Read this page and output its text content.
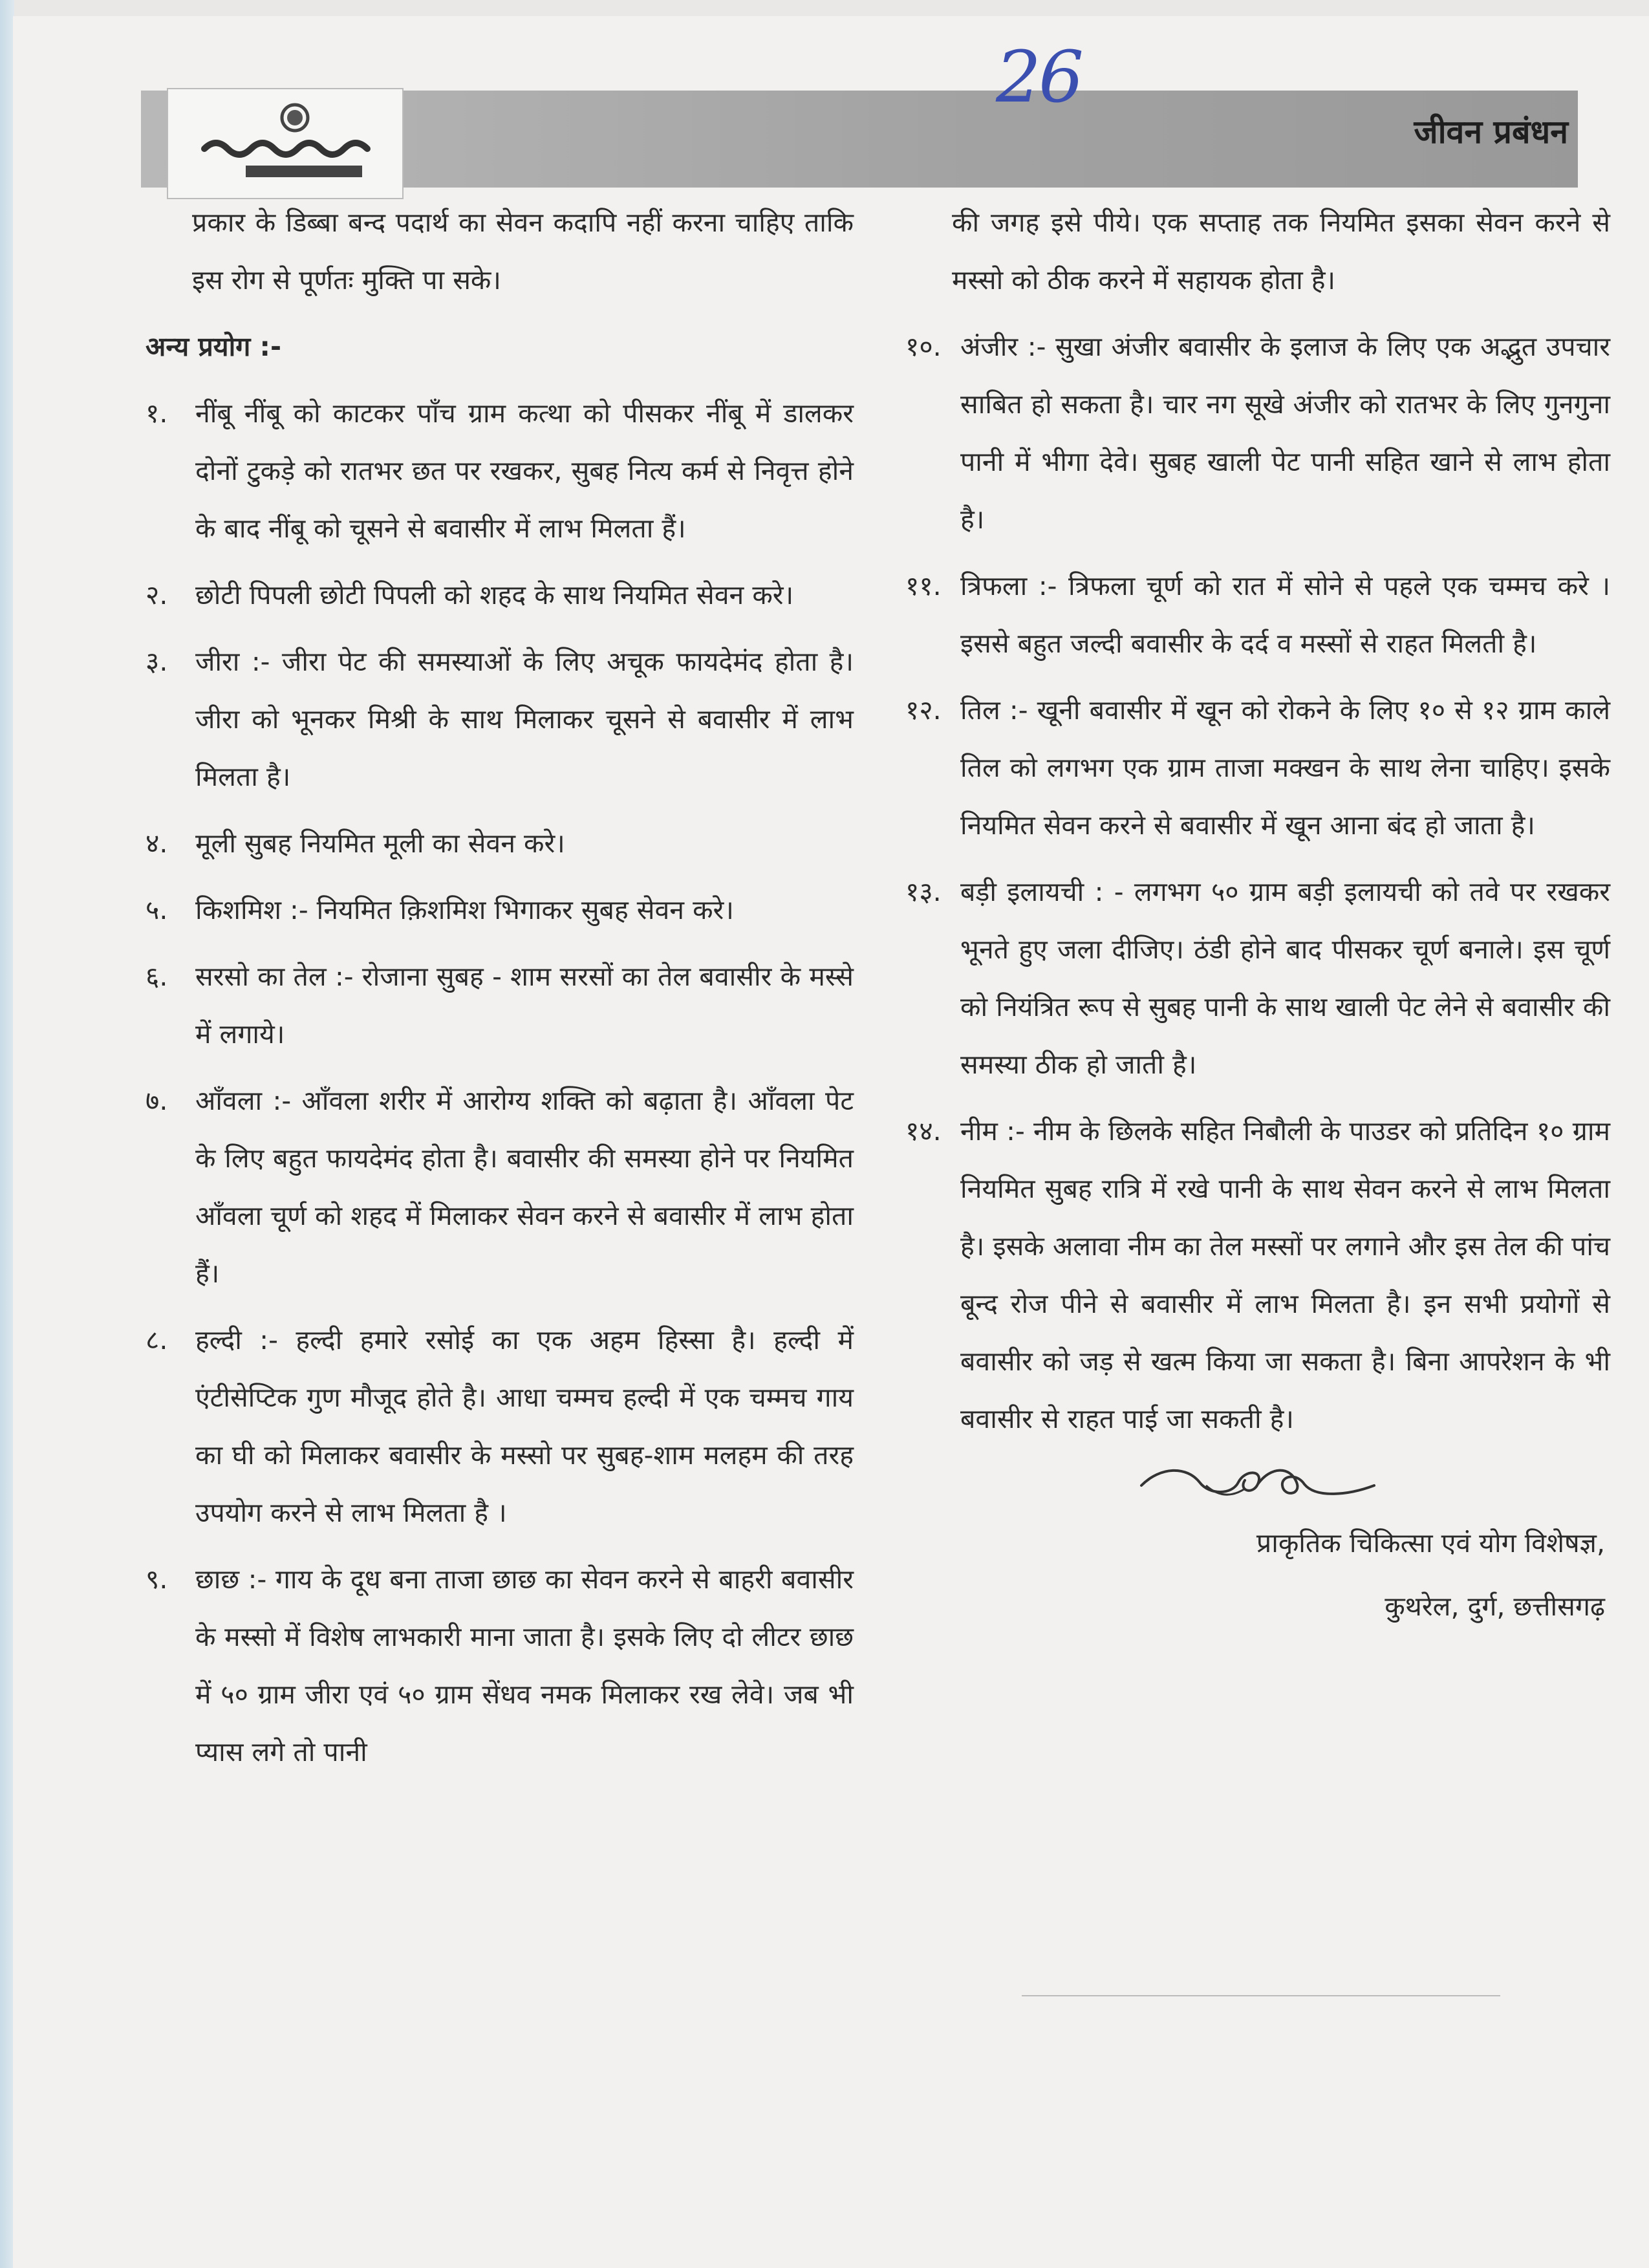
जीवन प्रबंधन
26

प्रकार के डिब्बा बन्द पदार्थ का सेवन कदापि नहीं करना चाहिए ताकि इस रोग से पूर्णतः मुक्ति पा सके।

अन्य प्रयोग :-

१. नींबू नींबू को काटकर पाँच ग्राम कत्था को पीसकर नींबू में डालकर दोनों टुकड़े को रातभर छत पर रखकर, सुबह नित्य कर्म से निवृत्त होने के बाद नींबू को चूसने से बवासीर में लाभ मिलता हैं।
२. छोटी पिपली छोटी पिपली को शहद के साथ नियमित सेवन करे।
३. जीरा :- जीरा पेट की समस्याओं के लिए अचूक फायदेमंद होता है। जीरा को भूनकर मिश्री के साथ मिलाकर चूसने से बवासीर में लाभ मिलता है।
४. मूली सुबह नियमित मूली का सेवन करे।
५. किशमिश :- नियमित क़िशमिश भिगाकर सुबह सेवन करे।
६. सरसो का तेल :- रोजाना सुबह - शाम सरसों का तेल बवासीर के मस्से में लगाये।
७. आँवला :- आँवला शरीर में आरोग्य शक्ति को बढ़ाता है। आँवला पेट के लिए बहुत फायदेमंद होता है। बवासीर की समस्या होने पर नियमित आँवला चूर्ण को शहद में मिलाकर सेवन करने से बवासीर में लाभ होता हैं।
८. हल्दी :- हल्दी हमारे रसोई का एक अहम हिस्सा है। हल्दी में एंटीसेप्टिक गुण मौजूद होते है। आधा चम्मच हल्दी में एक चम्मच गाय का घी को मिलाकर बवासीर के मस्सो पर सुबह-शाम मलहम की तरह उपयोग करने से लाभ मिलता है ।
९. छाछ :- गाय के दूध बना ताजा छाछ का सेवन करने से बाहरी बवासीर के मस्सो में विशेष लाभकारी माना जाता है। इसके लिए दो लीटर छाछ में ५० ग्राम जीरा एवं ५० ग्राम सेंधव नमक मिलाकर रख लेवे। जब भी प्यास लगे तो पानी

की जगह इसे पीये। एक सप्ताह तक नियमित इसका सेवन करने से मस्सो को ठीक करने में सहायक होता है।

१०. अंजीर :- सुखा अंजीर बवासीर के इलाज के लिए एक अद्भुत उपचार साबित हो सकता है। चार नग सूखे अंजीर को रातभर के लिए गुनगुना पानी में भीगा देवे। सुबह खाली पेट पानी सहित खाने से लाभ होता है।
११. त्रिफला :- त्रिफला चूर्ण को रात में सोने से पहले एक चम्मच करे । इससे बहुत जल्दी बवासीर के दर्द व मस्सों से राहत मिलती है।
१२. तिल :- खूनी बवासीर में खून को रोकने के लिए १० से १२ ग्राम काले तिल को लगभग एक ग्राम ताजा मक्खन के साथ लेना चाहिए। इसके नियमित सेवन करने से बवासीर में खून आना बंद हो जाता है।
१३. बड़ी इलायची : - लगभग ५० ग्राम बड़ी इलायची को तवे पर रखकर भूनते हुए जला दीजिए। ठंडी होने बाद पीसकर चूर्ण बनाले। इस चूर्ण को नियंत्रित रूप से सुबह पानी के साथ खाली पेट लेने से बवासीर की समस्या ठीक हो जाती है।
१४. नीम :- नीम के छिलके सहित निबौली के पाउडर को प्रतिदिन १० ग्राम नियमित सुबह रात्रि में रखे पानी के साथ सेवन करने से लाभ मिलता है। इसके अलावा नीम का तेल मस्सों पर लगाने और इस तेल की पांच बून्द रोज पीने से बवासीर में लाभ मिलता है। इन सभी प्रयोगों से बवासीर को जड़ से खत्म किया जा सकता है। बिना आपरेशन के भी बवासीर से राहत पाई जा सकती है।

प्राकृतिक चिकित्सा एवं योग विशेषज्ञ,

कुथरेल, दुर्ग, छत्तीसगढ़
